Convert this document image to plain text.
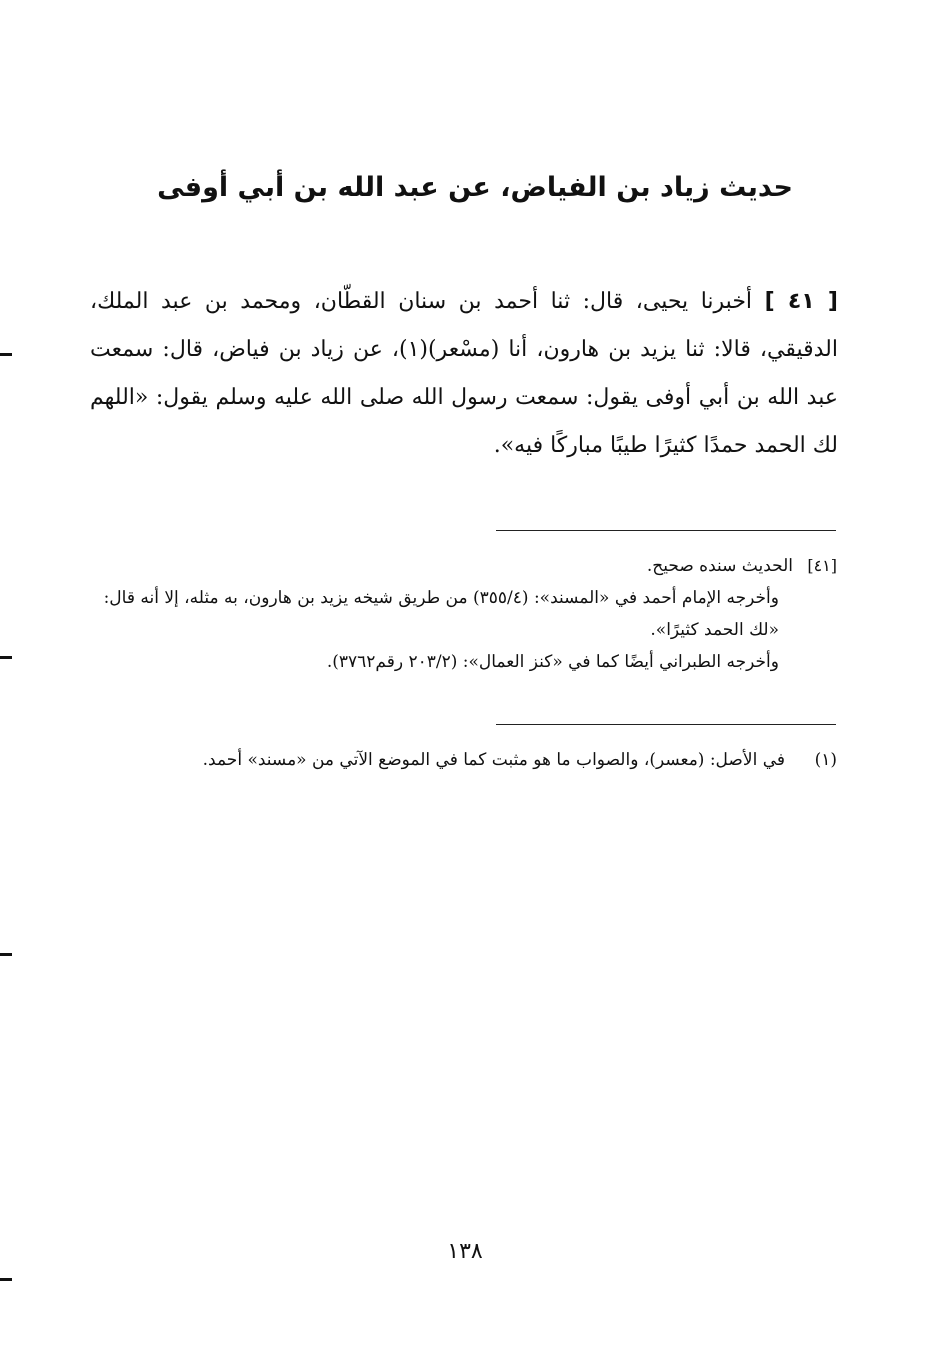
حديث زياد بن الفياض، عن عبد الله بن أبي أوفى
[ ٤١ ] أخبرنا يحيى، قال: ثنا أحمد بن سنان القطّان، ومحمد بن عبد الملك، الدقيقي، قالا: ثنا يزيد بن هارون، أنا (مسْعر)(١)، عن زياد بن فياض، قال: سمعت عبد الله بن أبي أوفى يقول: سمعت رسول الله صلى الله عليه وسلم يقول: «اللهم لك الحمد حمدًا كثيرًا طيبًا مباركًا فيه».
[٤١]الحديث سنده صحيح.
وأخرجه الإمام أحمد في «المسند»: (٣٥٥/٤) من طريق شيخه يزيد بن هارون، به مثله، إلا أنه قال: «لك الحمد كثيرًا».
وأخرجه الطبراني أيضًا كما في «كنز العمال»: (٢٠٣/٢ رقم٣٧٦٢).
(١)في الأصل: (معسر)، والصواب ما هو مثبت كما في الموضع الآتي من «مسند» أحمد.
١٣٨
